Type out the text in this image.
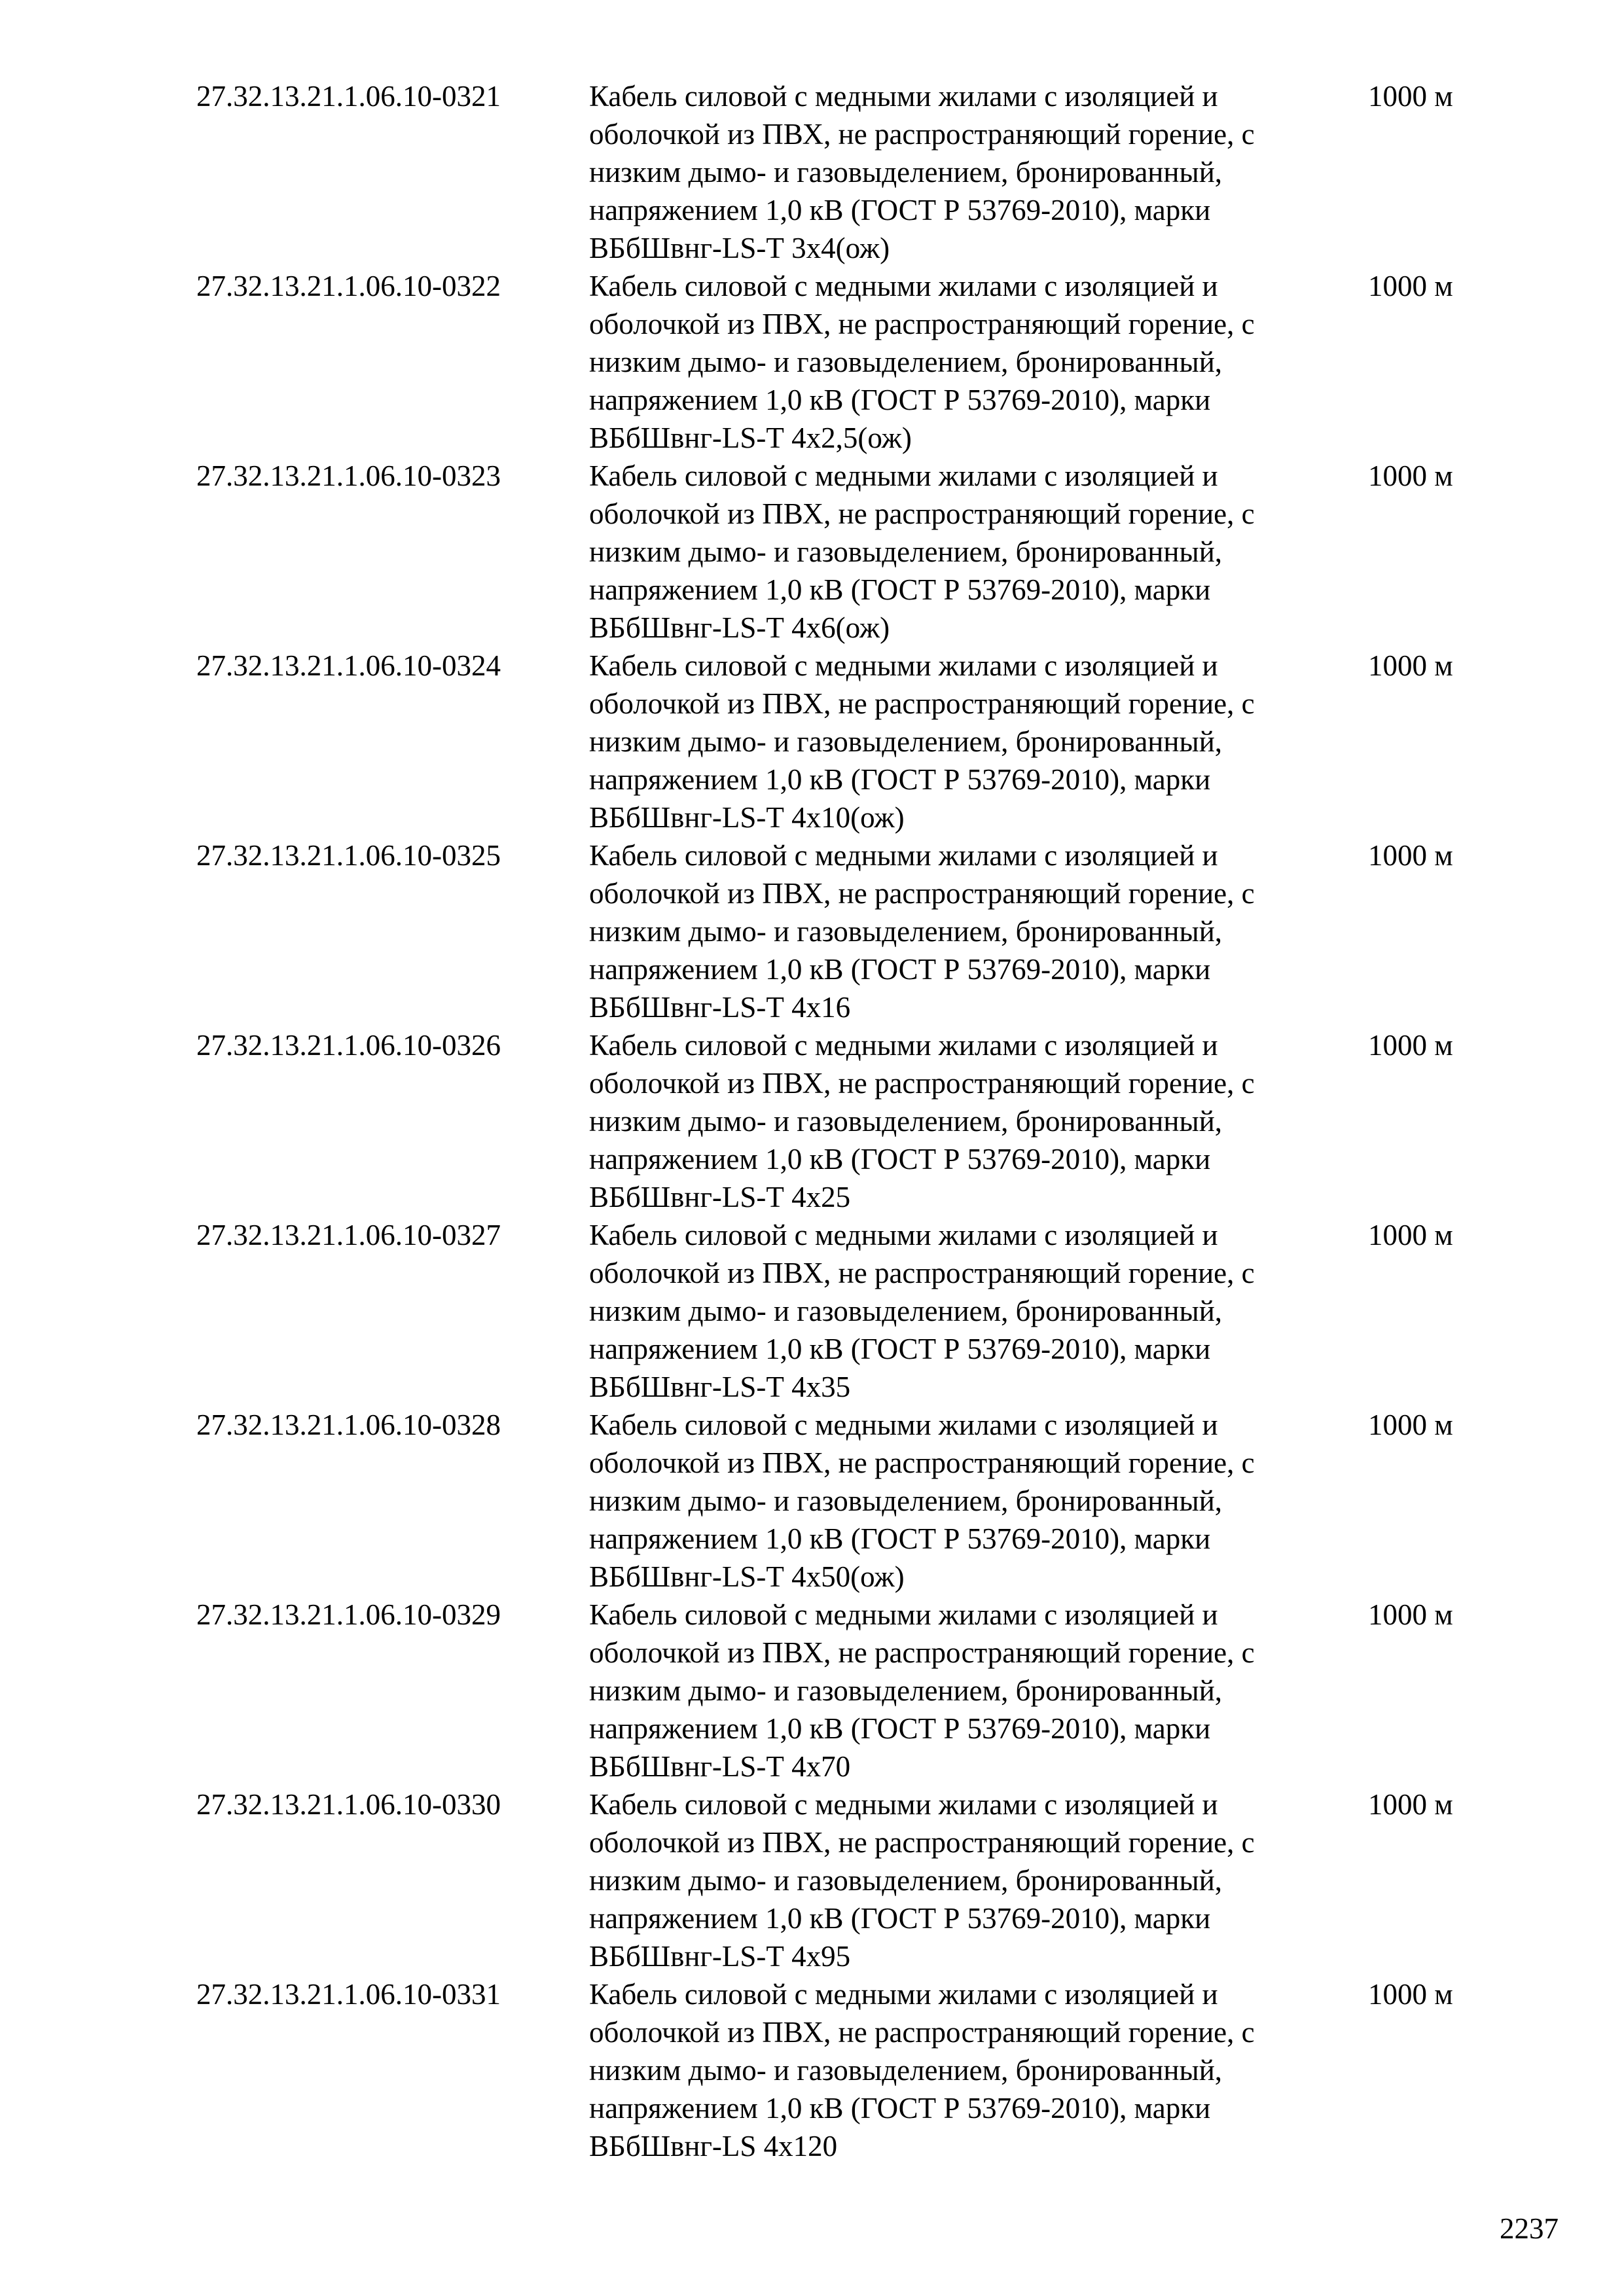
27.32.13.21.1.06.10-0321	Кабель силовой с медными жилами с изоляцией и
оболочкой из ПВХ, не распространяющий горение, с
низким дымо- и газовыделением, бронированный,
напряжением 1,0 кВ (ГОСТ Р 53769-2010), марки
ВБбШвнг-LS-Т 3х4(ож)
1000 м
27.32.13.21.1.06.10-0322	Кабель силовой с медными жилами с изоляцией и
оболочкой из ПВХ, не распространяющий горение, с
низким дымо- и газовыделением, бронированный,
напряжением 1,0 кВ (ГОСТ Р 53769-2010), марки
ВБбШвнг-LS-Т 4х2,5(ож)
1000 м
27.32.13.21.1.06.10-0323	Кабель силовой с медными жилами с изоляцией и
оболочкой из ПВХ, не распространяющий горение, с
низким дымо- и газовыделением, бронированный,
напряжением 1,0 кВ (ГОСТ Р 53769-2010), марки
ВБбШвнг-LS-Т 4х6(ож)
1000 м
27.32.13.21.1.06.10-0324	Кабель силовой с медными жилами с изоляцией и
оболочкой из ПВХ, не распространяющий горение, с
низким дымо- и газовыделением, бронированный,
напряжением 1,0 кВ (ГОСТ Р 53769-2010), марки
ВБбШвнг-LS-Т 4х10(ож)
1000 м
27.32.13.21.1.06.10-0325	Кабель силовой с медными жилами с изоляцией и
оболочкой из ПВХ, не распространяющий горение, с
низким дымо- и газовыделением, бронированный,
напряжением 1,0 кВ (ГОСТ Р 53769-2010), марки
ВБбШвнг-LS-Т 4х16
1000 м
27.32.13.21.1.06.10-0326	Кабель силовой с медными жилами с изоляцией и
оболочкой из ПВХ, не распространяющий горение, с
низким дымо- и газовыделением, бронированный,
напряжением 1,0 кВ (ГОСТ Р 53769-2010), марки
ВБбШвнг-LS-Т 4х25
1000 м
27.32.13.21.1.06.10-0327	Кабель силовой с медными жилами с изоляцией и
оболочкой из ПВХ, не распространяющий горение, с
низким дымо- и газовыделением, бронированный,
напряжением 1,0 кВ (ГОСТ Р 53769-2010), марки
ВБбШвнг-LS-Т 4х35
1000 м
27.32.13.21.1.06.10-0328	Кабель силовой с медными жилами с изоляцией и
оболочкой из ПВХ, не распространяющий горение, с
низким дымо- и газовыделением, бронированный,
напряжением 1,0 кВ (ГОСТ Р 53769-2010), марки
ВБбШвнг-LS-Т 4х50(ож)
1000 м
27.32.13.21.1.06.10-0329	Кабель силовой с медными жилами с изоляцией и
оболочкой из ПВХ, не распространяющий горение, с
низким дымо- и газовыделением, бронированный,
напряжением 1,0 кВ (ГОСТ Р 53769-2010), марки
ВБбШвнг-LS-Т 4х70
1000 м
27.32.13.21.1.06.10-0330	Кабель силовой с медными жилами с изоляцией и
оболочкой из ПВХ, не распространяющий горение, с
низким дымо- и газовыделением, бронированный,
напряжением 1,0 кВ (ГОСТ Р 53769-2010), марки
ВБбШвнг-LS-Т 4х95
1000 м
27.32.13.21.1.06.10-0331	Кабель силовой с медными жилами с изоляцией и
оболочкой из ПВХ, не распространяющий горение, с
низким дымо- и газовыделением, бронированный,
напряжением 1,0 кВ (ГОСТ Р 53769-2010), марки
ВБбШвнг-LS 4х120
1000 м
2237
